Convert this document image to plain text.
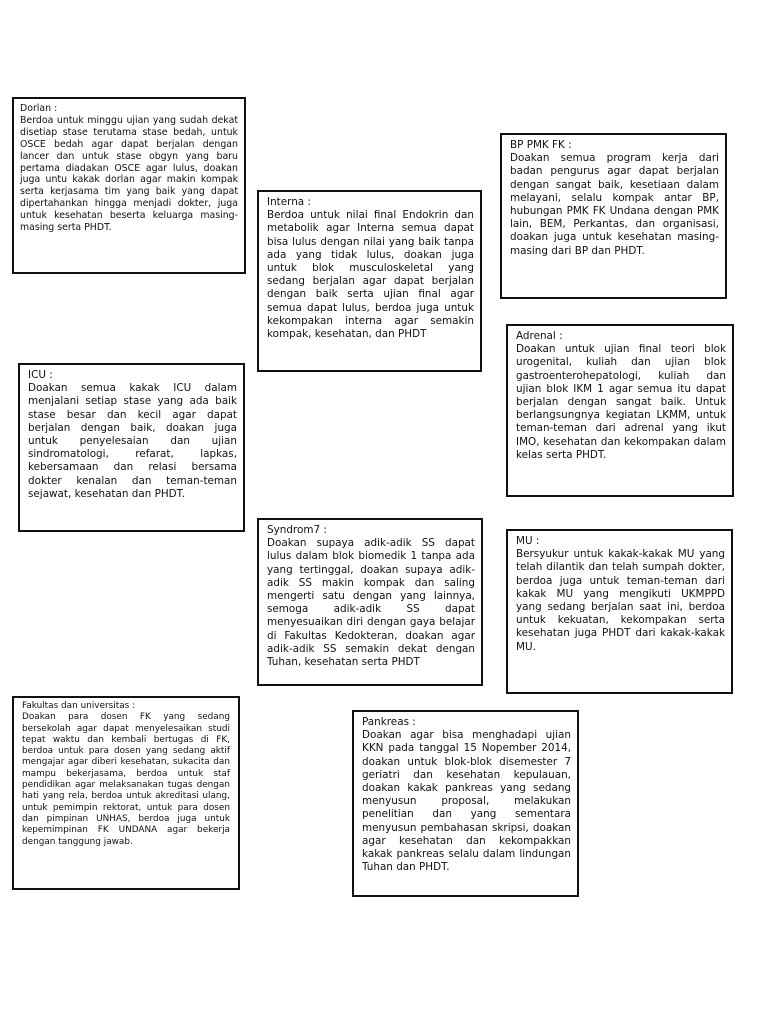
Dorlan :
Berdoa untuk minggu ujian yang sudah dekat disetiap stase terutama stase bedah, untuk OSCE bedah agar dapat berjalan dengan lancer dan untuk stase obgyn yang baru pertama diadakan OSCE agar lulus, doakan juga untu kakak dorlan agar makin kompak serta kerjasama tim yang baik yang dapat dipertahankan hingga menjadi dokter, juga untuk kesehatan beserta keluarga masing-masing serta PHDT.
Interna :
Berdoa untuk nilai final Endokrin dan metabolik agar Interna semua dapat bisa lulus dengan nilai yang baik tanpa ada yang tidak lulus, doakan juga untuk blok musculoskeletal yang sedang berjalan agar dapat berjalan dengan baik serta ujian final agar semua dapat lulus, berdoa juga untuk kekompakan interna agar semakin kompak, kesehatan, dan PHDT
BP PMK FK :
Doakan semua program kerja dari badan pengurus agar dapat berjalan dengan sangat baik, kesetiaan dalam melayani, selalu kompak antar BP, hubungan PMK FK Undana dengan PMK lain, BEM, Perkantas, dan organisasi, doakan juga untuk kesehatan masing-masing dari BP dan PHDT.
Adrenal :
Doakan untuk ujian final teori blok urogenital, kuliah dan ujian blok gastroenterohepatologi, kuliah dan ujian blok IKM 1 agar semua itu dapat berjalan dengan sangat baik. Untuk berlangsungnya kegiatan LKMM, untuk teman-teman dari adrenal yang ikut IMO, kesehatan dan kekompakan dalam kelas serta PHDT.
ICU :
Doakan semua kakak ICU dalam menjalani setiap stase yang ada baik stase besar dan kecil agar dapat berjalan dengan baik, doakan juga untuk penyelesaian dan ujian sindromatologi, refarat, lapkas, kebersamaan dan relasi bersama dokter kenalan dan teman-teman sejawat, kesehatan dan PHDT.
Syndrom7 :
Doakan supaya adik-adik SS dapat lulus dalam blok biomedik 1 tanpa ada yang tertinggal, doakan supaya adik-adik SS makin kompak dan saling mengerti satu dengan yang lainnya, semoga adik-adik SS dapat menyesuaikan diri dengan gaya belajar di Fakultas Kedokteran, doakan agar adik-adik SS semakin dekat dengan Tuhan, kesehatan serta PHDT
MU :
Bersyukur untuk kakak-kakak MU yang telah dilantik dan telah sumpah dokter, berdoa juga untuk teman-teman dari kakak MU yang mengikuti UKMPPD yang sedang berjalan saat ini, berdoa untuk kekuatan, kekompakan serta kesehatan juga PHDT dari kakak-kakak MU.
Fakultas dan universitas :
Doakan para dosen FK yang sedang bersekolah agar dapat menyelesaikan studi tepat waktu dan kembali bertugas di FK, berdoa untuk para dosen yang sedang aktif mengajar agar diberi kesehatan, sukacita dan mampu bekerjasama, berdoa untuk staf pendidikan agar melaksanakan tugas dengan hati yang rela, berdoa untuk akreditasi ulang, untuk pemimpin rektorat, untuk para dosen dan pimpinan UNHAS, berdoa juga untuk kepemimpinan FK UNDANA agar bekerja dengan tanggung jawab.
Pankreas :
Doakan agar bisa menghadapi ujian KKN pada tanggal 15 Nopember 2014, doakan untuk blok-blok disemester 7 geriatri dan kesehatan kepulauan, doakan kakak pankreas yang sedang menyusun proposal, melakukan penelitian dan yang sementara menyusun pembahasan skripsi, doakan agar kesehatan dan kekompakkan kakak pankreas selalu dalam lindungan Tuhan dan PHDT.
